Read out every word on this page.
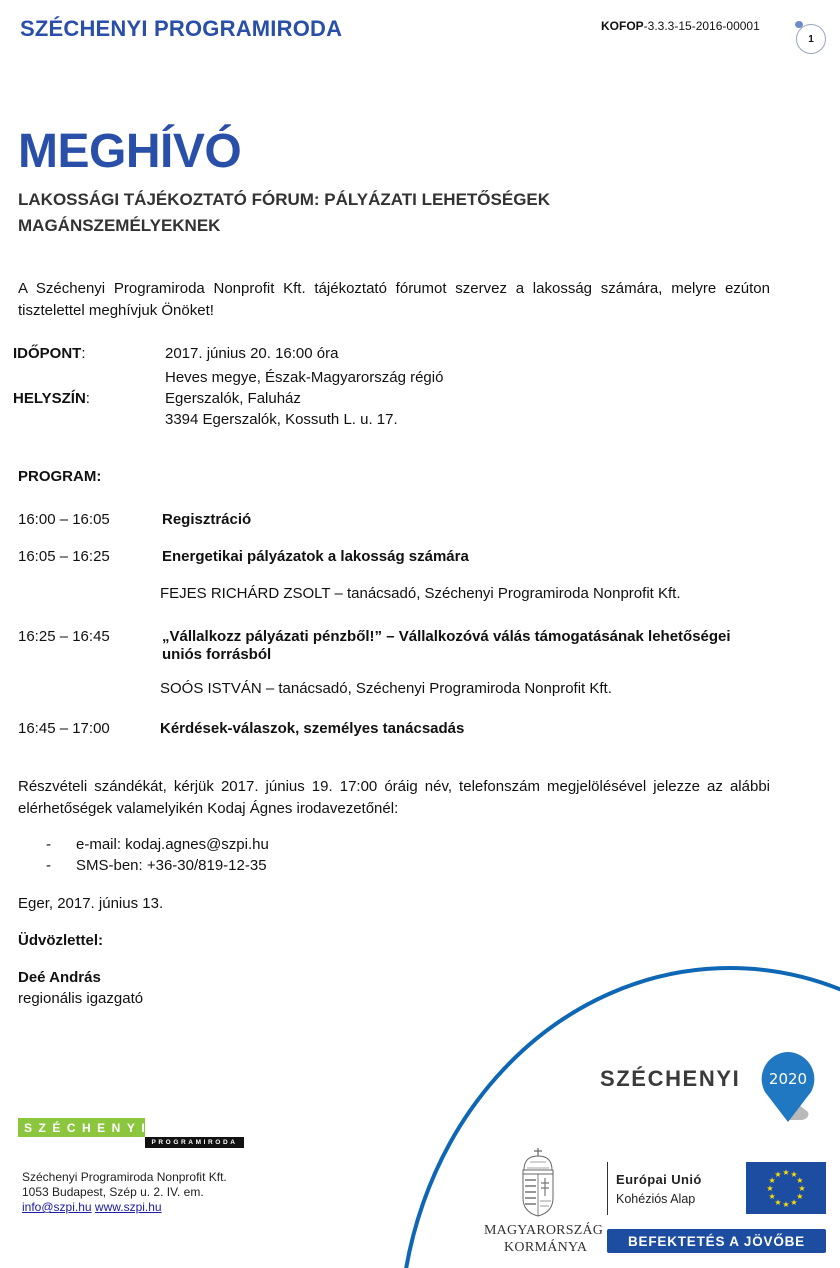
SZÉCHENYI PROGRAMIRODA	KOFOP-3.3.3-15-2016-00001
1
MEGHÍVÓ
LAKOSSÁGI TÁJÉKOZTATÓ FÓRUM: PÁLYÁZATI LEHETŐSÉGEK MAGÁNSZEMÉLYEKNEK
A Széchenyi Programiroda Nonprofit Kft. tájékoztató fórumot szervez a lakosság számára, melyre ezúton tisztelettel meghívjuk Önöket!
IDŐPONT:	2017. június 20. 16:00 óra
Heves megye, Észak-Magyarország régió
HELYSZÍN:	Egerszalók, Faluház
3394 Egerszalók, Kossuth L. u. 17.
PROGRAM:
16:00 – 16:05	Regisztráció
16:05 – 16:25	Energetikai pályázatok a lakosság számára
FEJES RICHÁRD ZSOLT – tanácsadó, Széchenyi Programiroda Nonprofit Kft.
16:25 – 16:45	„Vállalkozz pályázati pénzből!” – Vállalkozóvá válás támogatásának lehetőségei
uniós forrásból
SOÓS ISTVÁN – tanácsadó, Széchenyi Programiroda Nonprofit Kft.
16:45 – 17:00	Kérdések-válaszok, személyes tanácsadás
Részvételi szándékát, kérjük 2017. június 19. 17:00 óráig név, telefonszám megjelölésével jelezze az alábbi elérhetőségek valamelyikén Kodaj Ágnes irodavezetőnél:
- e-mail: kodaj.agnes@szpi.hu
- SMS-ben: +36-30/819-12-35
Eger, 2017. június 13.
Üdvözlettel:
Deé András
regionális igazgató
SZÉCHENYI
PROGRAMIRODA
Széchenyi Programiroda Nonprofit Kft.
1053 Budapest, Szép u. 2. IV. em.
info@szpi.hu www.szpi.hu
SZÉCHENYI 2020
MAGYARORSZÁG
KORMÁNYA
Európai Unió
Kohéziós Alap
★ ★
★
★
★
★
★
★
★
★
★
★
BEFEKTETÉS A JÖVŐBE
